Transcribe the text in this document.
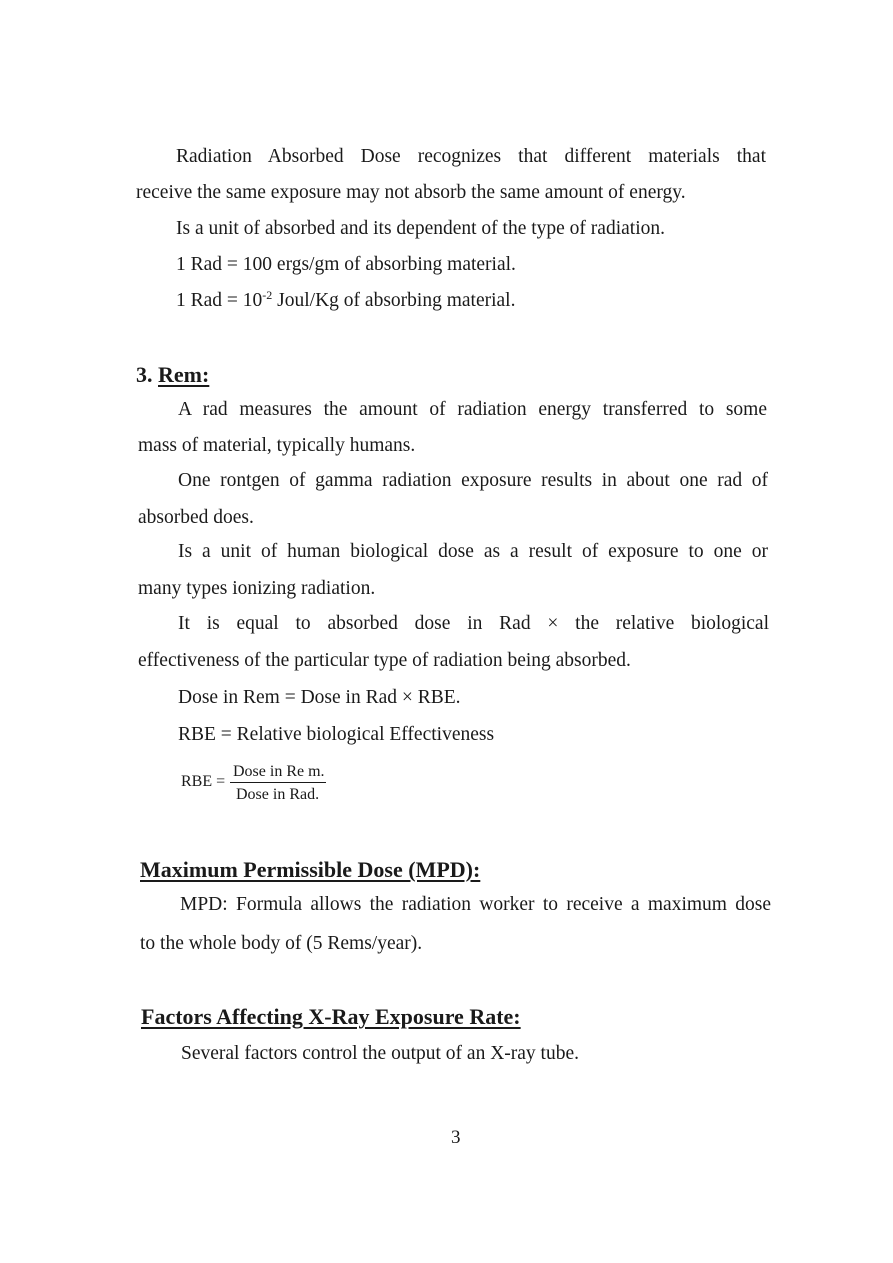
Radiation Absorbed Dose recognizes that different materials that
receive the same exposure may not absorb the same amount of energy.
Is a unit of absorbed and its dependent of the type of radiation.
1 Rad = 100 ergs/gm of absorbing material.
1 Rad = $10^{-2}$ Joul/Kg of absorbing material.
3. Rem:
A rad measures the amount of radiation energy transferred to some
mass of material, typically humans.
One rontgen of gamma radiation exposure results in about one rad of
absorbed does.
Is a unit of human biological dose as a result of exposure to one or
many types ionizing radiation.
It is equal to absorbed dose in Rad × the relative biological
effectiveness of the particular type of radiation being absorbed.
Dose in Rem = Dose in Rad × RBE.
RBE = Relative biological Effectiveness
RBE =
Dose in Re m.
Dose in Rad.
Maximum Permissible Dose (MPD):
MPD: Formula allows the radiation worker to receive a maximum dose
to the whole body of (5 Rems/year).
Factors Affecting X-Ray Exposure Rate:
Several factors control the output of an X-ray tube.
3
